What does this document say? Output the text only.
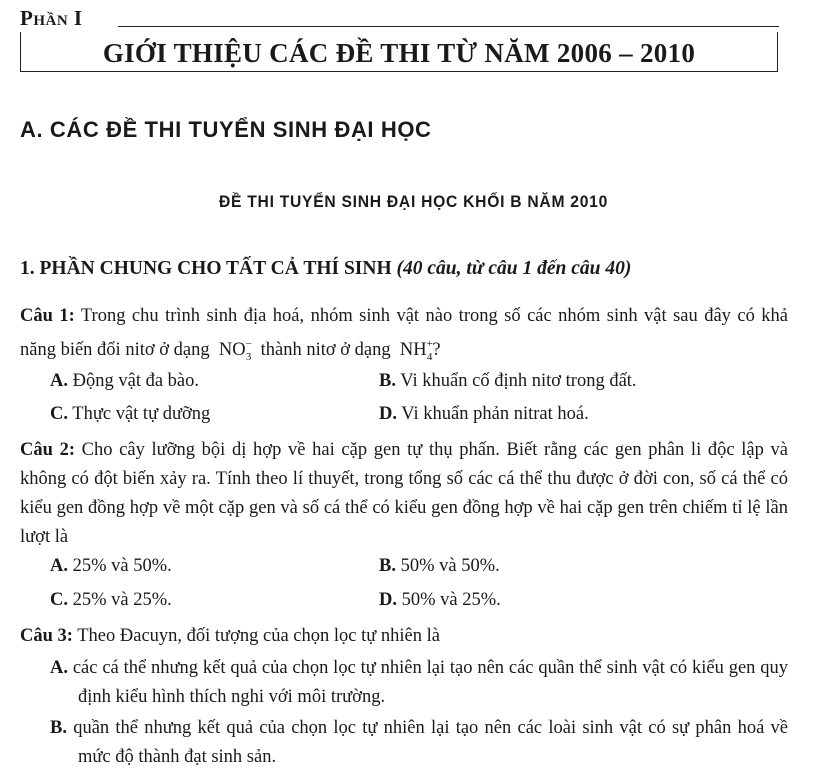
Phần I
GIỚI THIỆU CÁC ĐỀ THI TỪ NĂM 2006 – 2010
A. CÁC ĐỀ THI TUYỂN SINH ĐẠI HỌC
ĐỀ THI TUYỂN SINH ĐẠI HỌC KHỐI B NĂM 2010
1. PHẦN CHUNG CHO TẤT CẢ THÍ SINH (40 câu, từ câu 1 đến câu 40)
Câu 1: Trong chu trình sinh địa hoá, nhóm sinh vật nào trong số các nhóm sinh vật sau đây có khả năng biến đổi nitơ ở dạng $NO^-_3$ thành nitơ ở dạng $NH^+_4$?
A. Động vật đa bào.	B. Vi khuẩn cố định nitơ trong đất.
C. Thực vật tự dưỡng	D. Vi khuẩn phản nitrat hoá.
Câu 2: Cho cây lưỡng bội dị hợp về hai cặp gen tự thụ phấn. Biết rằng các gen phân li độc lập và không có đột biến xảy ra. Tính theo lí thuyết, trong tổng số các cá thể thu được ở đời con, số cá thể có kiểu gen đồng hợp về một cặp gen và số cá thể có kiểu gen đồng hợp về hai cặp gen trên chiếm tỉ lệ lần lượt là
A. 25% và 50%.	B. 50% và 50%.
C. 25% và 25%.	D. 50% và 25%.
Câu 3: Theo Đacuyn, đối tượng của chọn lọc tự nhiên là
A. các cá thể nhưng kết quả của chọn lọc tự nhiên lại tạo nên các quần thể sinh vật có kiểu gen quy định kiểu hình thích nghi với môi trường.
B. quần thể nhưng kết quả của chọn lọc tự nhiên lại tạo nên các loài sinh vật có sự phân hoá về mức độ thành đạt sinh sản.
